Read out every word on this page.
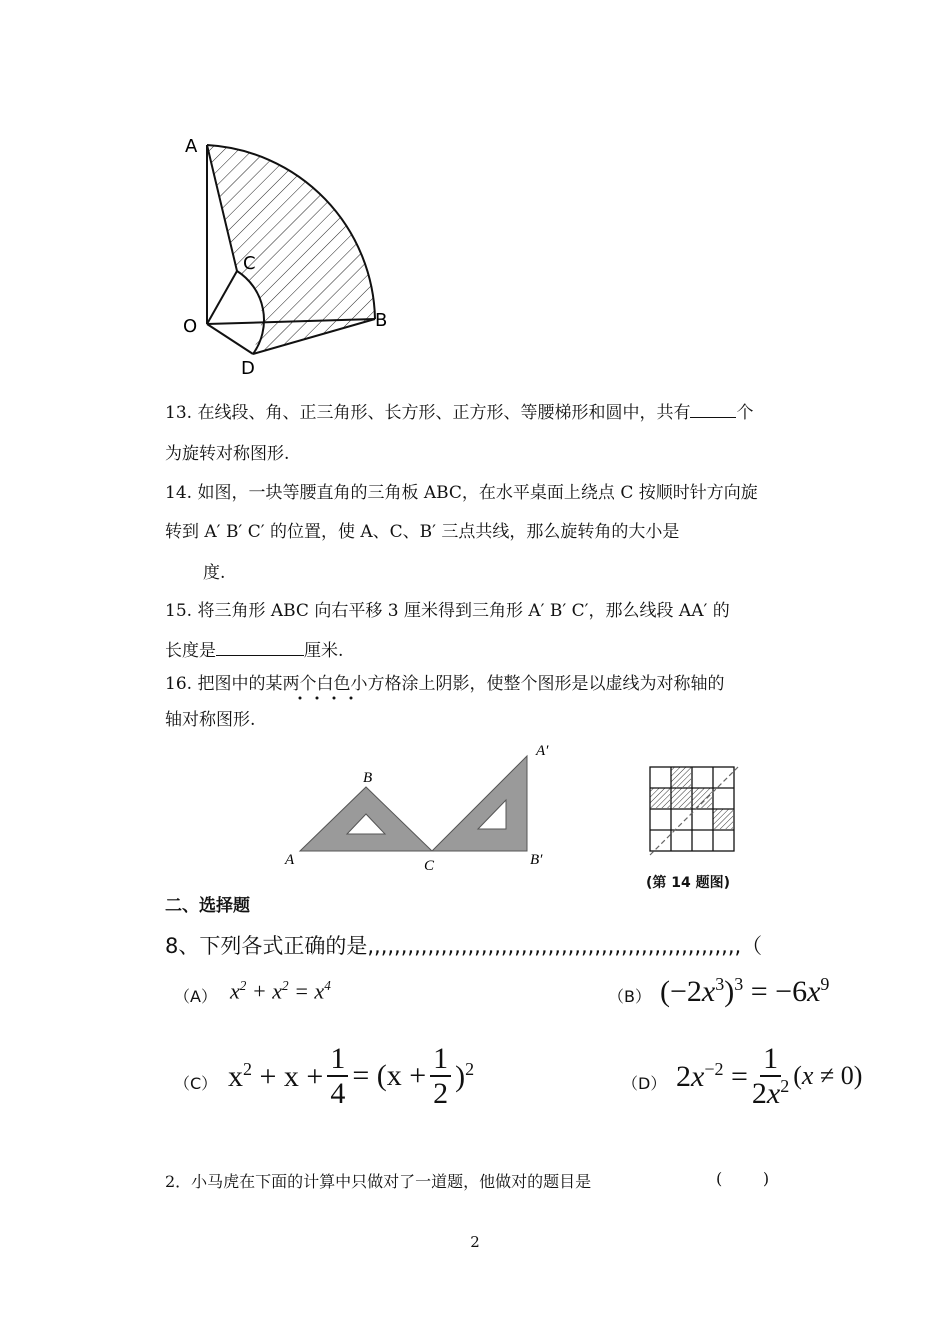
A
C
O	B
D
13. 在线段、角、正三角形、长方形、正方形、等腰梯形和圆中，共有	个
为旋转对称图形.
14. 如图，一块等腰直角的三角板 ABC，在水平桌面上绕点 C 按顺时针方向旋
转到 A′ B′ C′ 的位置，使 A、C、B′ 三点共线，那么旋转角的大小是
度.
15. 将三角形 ABC 向右平移 3 厘米得到三角形 A′ B′ C′，那么线段 AA′ 的
长度是	厘米.
16. 把图中的某两个白色小方格涂上阴影，使整个图形是以虚线为对称轴的
轴对称图形.
A
B
C
A′
B′
(第 14 题图)
二、选择题
8、下列各式正确的是,,,,,,,,,,,,,,,,,,,,,,,,,,,,,,,,,,,,,,,,,,,,,,,,,,,,,,,,（
（A） $x^2 + x^2 = x^4$
（B） $(-2x^3)^3 = -6x^9$
（C） $x^2 + x + \frac{1}{4} = (x + \frac{1}{2} )^2$
（D） $2x^{-2} = \frac{1}{2x^2} (x \ne 0)$
2．小马虎在下面的计算中只做对了一道题，他做对的题目是	(        )
2
